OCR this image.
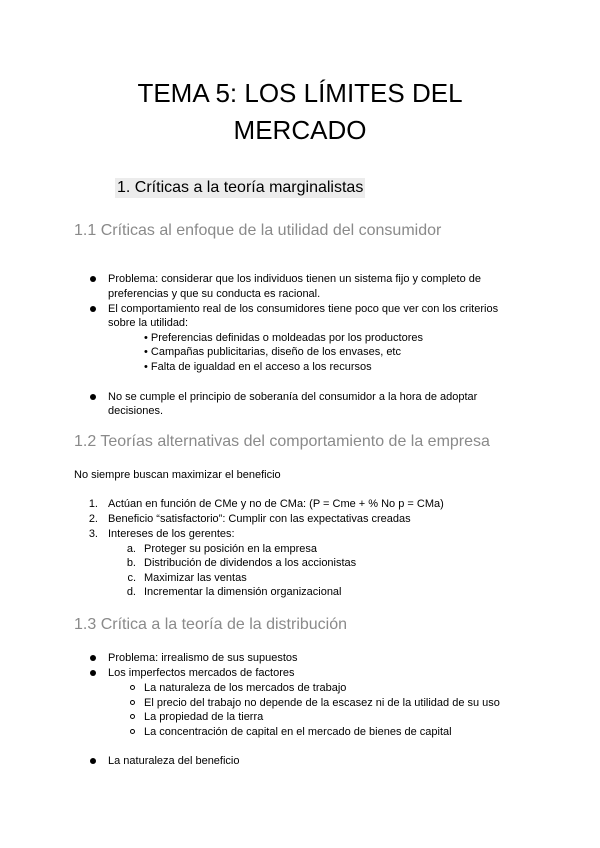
TEMA 5: LOS LÍMITES DEL
MERCADO
1. Críticas a la teoría marginalistas
1.1 Críticas al enfoque de la utilidad del consumidor

Problema: considerar que los individuos tienen un sistema fijo y completo de

preferencias y que su conducta es racional.

El comportamiento real de los consumidores tiene poco que ver con los criterios

sobre la utilidad:

• Preferencias definidas o moldeadas por los productores

• Campañas publicitarias, diseño de los envases, etc

• Falta de igualdad en el acceso a los recursos

No se cumple el principio de soberanía del consumidor a la hora de adoptar

decisiones.

1.2 Teorías alternativas del comportamiento de la empresa

No siempre buscan maximizar el beneficio

1. Actúan en función de CMe y no de CMa: (P = Cme + % No p = CMa)

2. Beneficio “satisfactorio”: Cumplir con las expectativas creadas

3. Intereses de los gerentes:

a. Proteger su posición en la empresa

b. Distribución de dividendos a los accionistas

c. Maximizar las ventas

d. Incrementar la dimensión organizacional

1.3 Crítica a la teoría de la distribución

Problema: irrealismo de sus supuestos

Los imperfectos mercados de factores

La naturaleza de los mercados de trabajo

El precio del trabajo no depende de la escasez ni de la utilidad de su uso

La propiedad de la tierra

La concentración de capital en el mercado de bienes de capital

La naturaleza del beneficio
